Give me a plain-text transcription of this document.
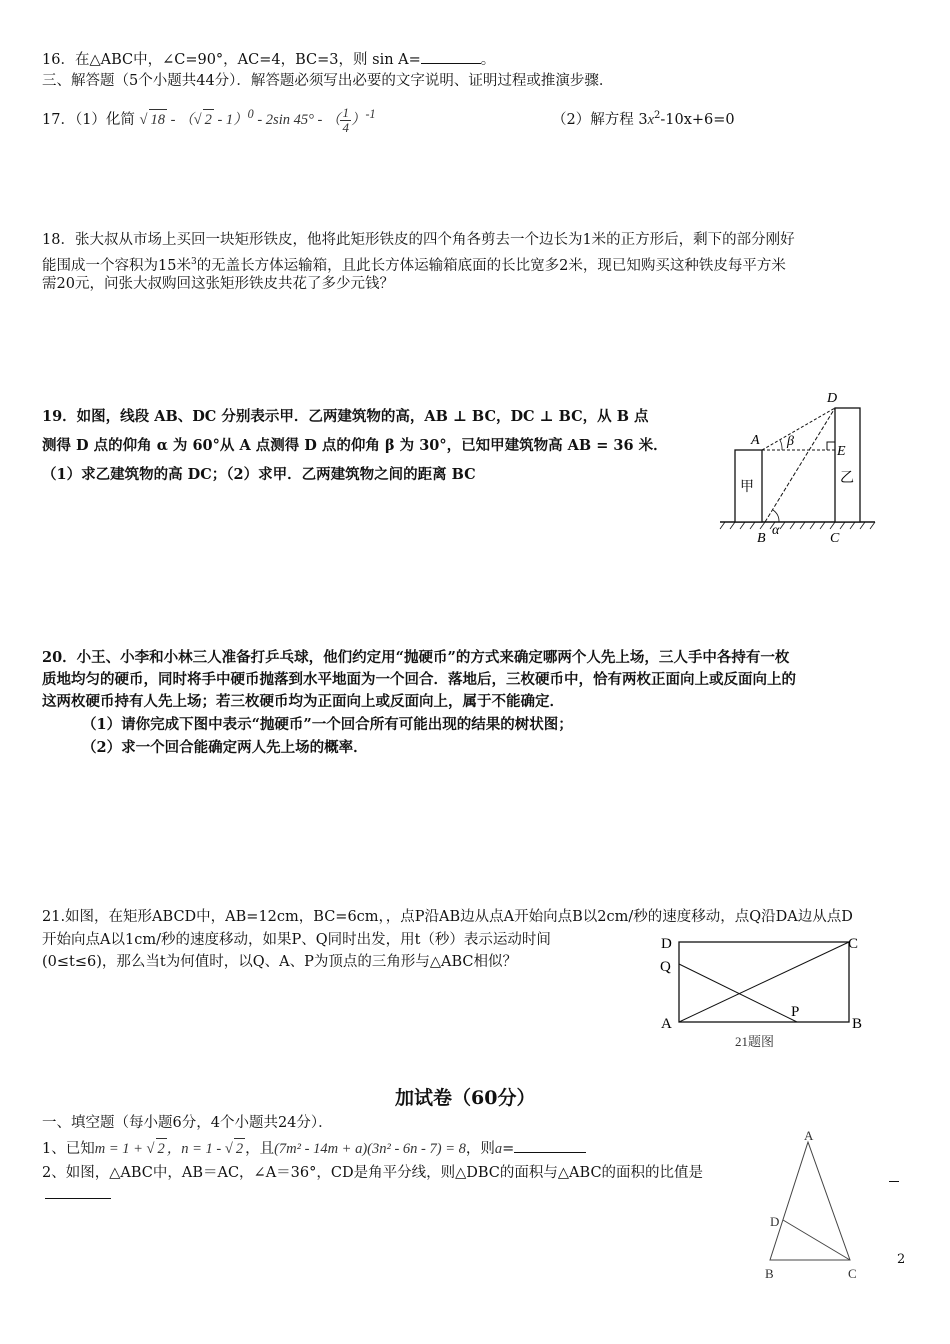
16．在△ABC中，∠C=90°，AC=4，BC=3，则 sin A=	。
三、解答题（5个小题共44分）．解答题必须写出必要的文字说明、证明过程或推演步骤．
17．（1）化简 √ 18 - （√ 2 - 1）$^0$ - 2sin 45° - （ $\frac{1}{4} )^{-1}$	（2）解方程 $3x^2-10x+6=0$
18．张大叔从市场上买回一块矩形铁皮，他将此矩形铁皮的四个角各剪去一个边长为1米的正方形后，剩下的部分刚好
能围成一个容积为15米$^3$的无盖长方体运输箱，且此长方体运输箱底面的长比宽多2米，现已知购买这种铁皮每平方米
需20元，问张大叔购回这张矩形铁皮共花了多少元钱？
19．如图，线段 AB、DC 分别表示甲．乙两建筑物的高，AB ⊥ BC，DC ⊥ BC，从 B 点
测得 D 点的仰角 α 为 60°从 A 点测得 D 点的仰角 β 为 30°，已知甲建筑物高 AB = 36 米．
（1）求乙建筑物的高 DC；（2）求甲．乙两建筑物之间的距离 BC
D
A
E
B	C
α
β
甲
乙
20．小王、小李和小林三人准备打乒乓球，他们约定用“抛硬币”的方式来确定哪两个人先上场，三人手中各持有一枚
质地均匀的硬币，同时将手中硬币抛落到水平地面为一个回合．落地后，三枚硬币中，恰有两枚正面向上或反面向上的
这两枚硬币持有人先上场；若三枚硬币均为正面向上或反面向上，属于不能确定．
（1）请你完成下图中表示“抛硬币”一个回合所有可能出现的结果的树状图；
（2）求一个回合能确定两人先上场的概率．
21.如图，在矩形ABCD中，AB=12cm，BC=6cm，，点P沿AB边从点A开始向点B以2cm/秒的速度移动，点Q沿DA边从点D
开始向点A以1cm/秒的速度移动，如果P、Q同时出发，用t（秒）表示运动时间
(0≤t≤6)，那么当t为何值时，以Q、A、P为顶点的三角形与△ABC相似？
D	C
Q
P
A	B
21题图
加试卷（60分）
一、填空题（每小题6分，4个小题共24分）．
1、已知m = 1 + √ 2 ，n = 1 - √ 2 ，且(7m² - 14m + a)(3n² - 6n - 7) = 8，则a=
2、如图，△ABC中，AB＝AC，∠A＝36°，CD是角平分线，则△DBC的面积与△ABC的面积的比值是
A
D
B	C
2
